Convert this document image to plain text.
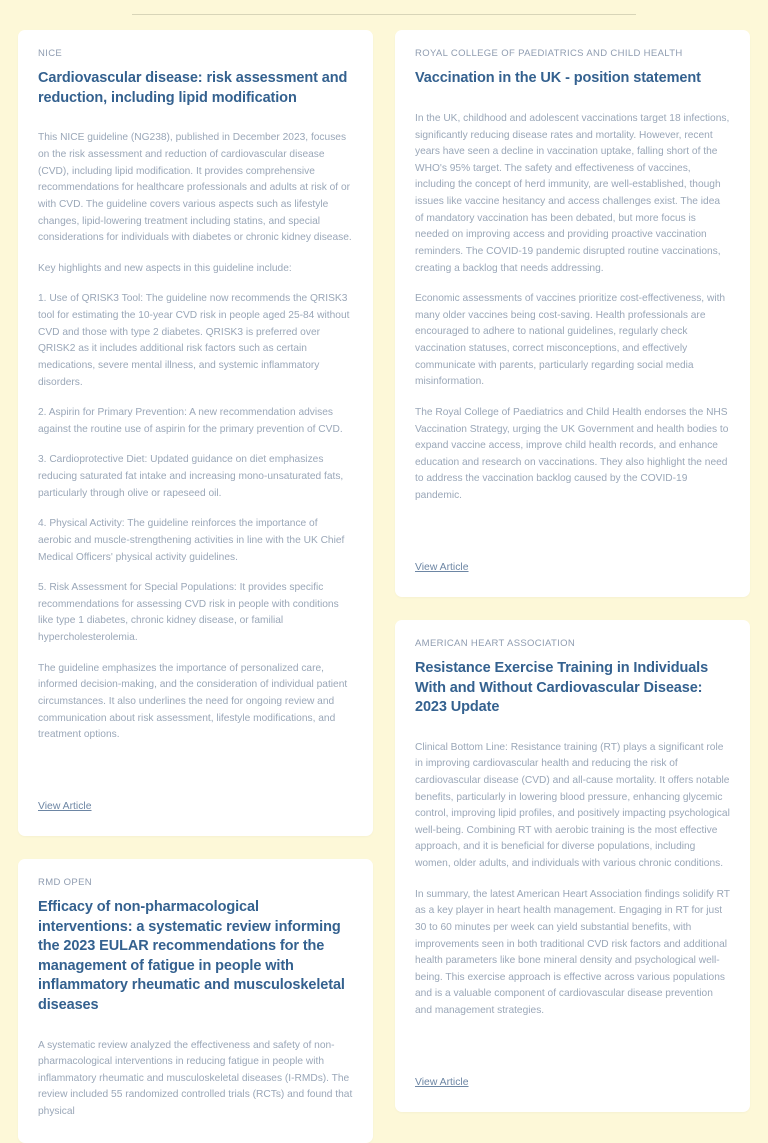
NICE
Cardiovascular disease: risk assessment and reduction, including lipid modification

This NICE guideline (NG238), published in December 2023, focuses on the risk assessment and reduction of cardiovascular disease (CVD), including lipid modification. It provides comprehensive recommendations for healthcare professionals and adults at risk of or with CVD. The guideline covers various aspects such as lifestyle changes, lipid-lowering treatment including statins, and special considerations for individuals with diabetes or chronic kidney disease.

Key highlights and new aspects in this guideline include:

1. Use of QRISK3 Tool: The guideline now recommends the QRISK3 tool for estimating the 10-year CVD risk in people aged 25-84 without CVD and those with type 2 diabetes. QRISK3 is preferred over QRISK2 as it includes additional risk factors such as certain medications, severe mental illness, and systemic inflammatory disorders.

2. Aspirin for Primary Prevention: A new recommendation advises against the routine use of aspirin for the primary prevention of CVD.

3. Cardioprotective Diet: Updated guidance on diet emphasizes reducing saturated fat intake and increasing mono-unsaturated fats, particularly through olive or rapeseed oil.

4. Physical Activity: The guideline reinforces the importance of aerobic and muscle-strengthening activities in line with the UK Chief Medical Officers' physical activity guidelines.

5. Risk Assessment for Special Populations: It provides specific recommendations for assessing CVD risk in people with conditions like type 1 diabetes, chronic kidney disease, or familial hypercholesterolemia.

The guideline emphasizes the importance of personalized care, informed decision-making, and the consideration of individual patient circumstances. It also underlines the need for ongoing review and communication about risk assessment, lifestyle modifications, and treatment options.

View Article
RMD OPEN
Efficacy of non-pharmacological interventions: a systematic review informing the 2023 EULAR recommendations for the management of fatigue in people with inflammatory rheumatic and musculoskeletal diseases

A systematic review analyzed the effectiveness and safety of non-pharmacological interventions in reducing fatigue in people with inflammatory rheumatic and musculoskeletal diseases (I-RMDs). The review included 55 randomized controlled trials (RCTs) and found that physical

ROYAL COLLEGE OF PAEDIATRICS AND CHILD HEALTH
Vaccination in the UK - position statement

In the UK, childhood and adolescent vaccinations target 18 infections, significantly reducing disease rates and mortality. However, recent years have seen a decline in vaccination uptake, falling short of the WHO's 95% target. The safety and effectiveness of vaccines, including the concept of herd immunity, are well-established, though issues like vaccine hesitancy and access challenges exist. The idea of mandatory vaccination has been debated, but more focus is needed on improving access and providing proactive vaccination reminders. The COVID-19 pandemic disrupted routine vaccinations, creating a backlog that needs addressing.

Economic assessments of vaccines prioritize cost-effectiveness, with many older vaccines being cost-saving. Health professionals are encouraged to adhere to national guidelines, regularly check vaccination statuses, correct misconceptions, and effectively communicate with parents, particularly regarding social media misinformation.

The Royal College of Paediatrics and Child Health endorses the NHS Vaccination Strategy, urging the UK Government and health bodies to expand vaccine access, improve child health records, and enhance education and research on vaccinations. They also highlight the need to address the vaccination backlog caused by the COVID-19 pandemic.

View Article
AMERICAN HEART ASSOCIATION
Resistance Exercise Training in Individuals With and Without Cardiovascular Disease: 2023 Update

Clinical Bottom Line: Resistance training (RT) plays a significant role in improving cardiovascular health and reducing the risk of cardiovascular disease (CVD) and all-cause mortality. It offers notable benefits, particularly in lowering blood pressure, enhancing glycemic control, improving lipid profiles, and positively impacting psychological well-being. Combining RT with aerobic training is the most effective approach, and it is beneficial for diverse populations, including women, older adults, and individuals with various chronic conditions.

In summary, the latest American Heart Association findings solidify RT as a key player in heart health management. Engaging in RT for just 30 to 60 minutes per week can yield substantial benefits, with improvements seen in both traditional CVD risk factors and additional health parameters like bone mineral density and psychological well-being. This exercise approach is effective across various populations and is a valuable component of cardiovascular disease prevention and management strategies.

View Article
